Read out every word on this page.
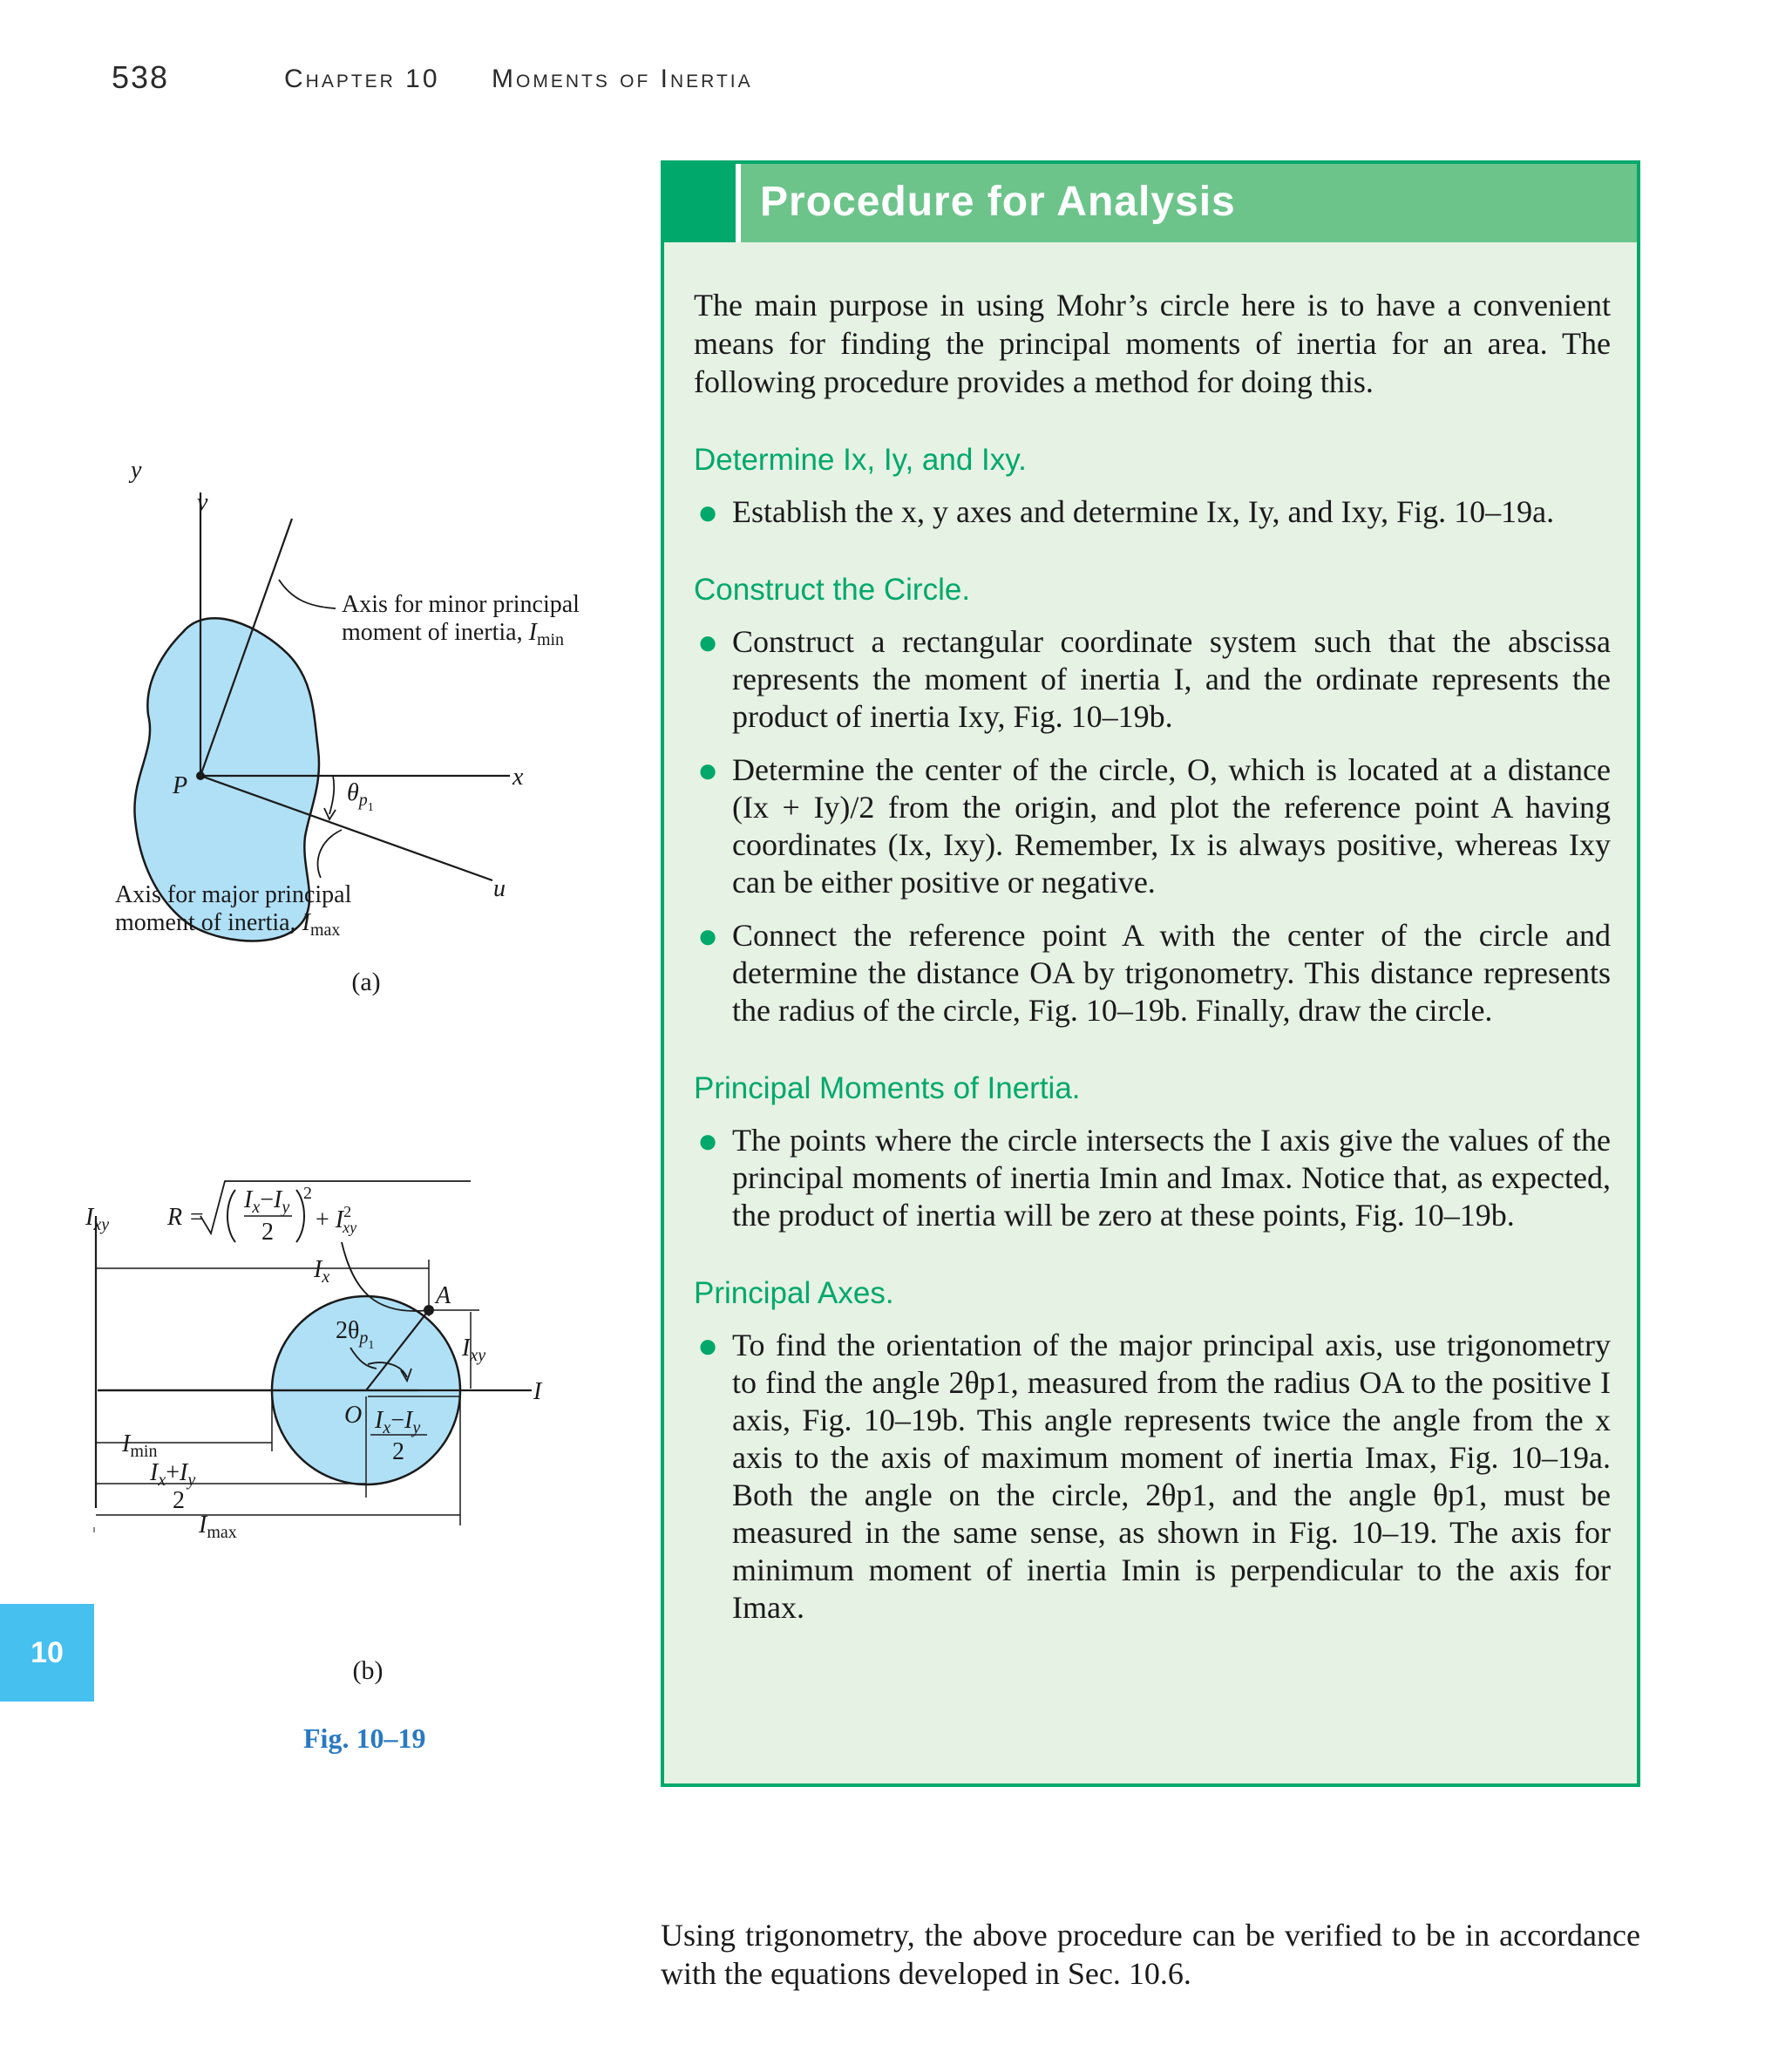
538	Chapter 10 Moments of Inertia
10
y
v
x
u
P	$\theta_{p1}$
Axis for minor principal
moment of inertia, $I_{min}$
Axis for major principal
moment of inertia, $I_{max}$
$I_{xy}$
I
R =
$I_x-I_y$
2
2
+ $I^2$ xy
$I_x$
A
$2\theta_{p1}$	$I_{xy}$
O $I_x-I_y$
2
$I_{min}$
$I_x+I_y$
2
$I_{max}$
(a)
(b)
Fig. 10–19
Procedure for Analysis

The main purpose in using Mohr’s circle here is to have a convenient means for finding the principal moments of inertia for an area. The following procedure provides a method for doing this.

Determine Ix, Iy, and Ixy.
● Establish the x, y axes and determine Ix, Iy, and Ixy, Fig. 10–19a.
Construct the Circle.
● Construct a rectangular coordinate system such that the abscissa represents the moment of inertia I, and the ordinate represents the product of inertia Ixy, Fig. 10–19b.
● Determine the center of the circle, O, which is located at a distance (Ix + Iy)/2 from the origin, and plot the reference point A having coordinates (Ix, Ixy). Remember, Ix is always positive, whereas Ixy can be either positive or negative.
● Connect the reference point A with the center of the circle and determine the distance OA by trigonometry. This distance represents the radius of the circle, Fig. 10–19b. Finally, draw the circle.
Principal Moments of Inertia.
● The points where the circle intersects the I axis give the values of the principal moments of inertia Imin and Imax. Notice that, as expected, the product of inertia will be zero at these points, Fig. 10–19b.
Principal Axes.
● To find the orientation of the major principal axis, use trigonometry to find the angle 2θp1, measured from the radius OA to the positive I axis, Fig. 10–19b. This angle represents twice the angle from the x axis to the axis of maximum moment of inertia Imax, Fig. 10–19a. Both the angle on the circle, 2θp1, and the angle θp1, must be measured in the same sense, as shown in Fig. 10–19. The axis for minimum moment of inertia Imin is perpendicular to the axis for Imax.

Using trigonometry, the above procedure can be verified to be in accordance with the equations developed in Sec. 10.6.
